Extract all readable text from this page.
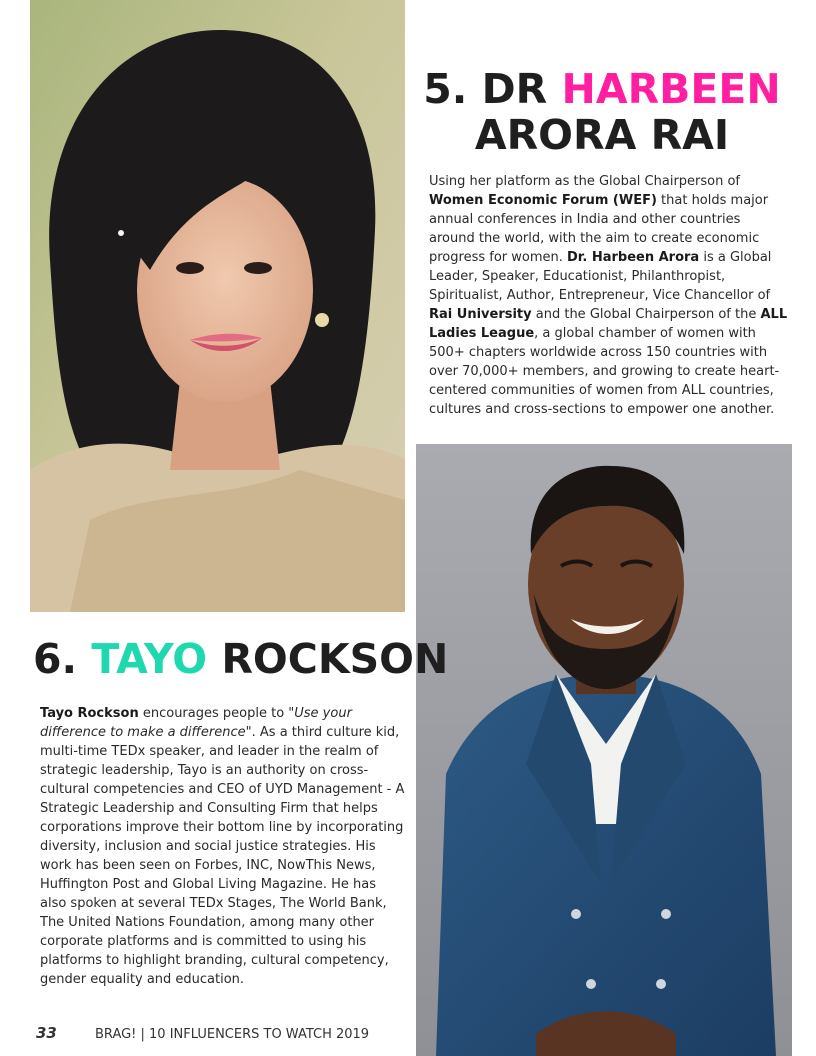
5. DR HARBEEN
ARORA RAI
Using her platform as the Global Chairperson of Women Economic Forum (WEF) that holds major annual conferences in India and other countries around the world, with the aim to create economic progress for women. Dr. Harbeen Arora is a Global Leader, Speaker, Educationist, Philanthropist, Spiritualist, Author, Entrepreneur, Vice Chancellor of Rai University and the Global Chairperson of the ALL Ladies League, a global chamber of women with 500+ chapters worldwide across 150 countries with over 70,000+ members, and growing to create heart-centered communities of women from ALL countries, cultures and cross-sections to empower one another.
6. TAYO ROCKSON
Tayo Rockson encourages people to "Use your difference to make a difference". As a third culture kid, multi-time TEDx speaker, and leader in the realm of strategic leadership, Tayo is an authority on cross-cultural competencies and CEO of UYD Management - A Strategic Leadership and Consulting Firm that helps corporations improve their bottom line by incorporating diversity, inclusion and social justice strategies. His work has been seen on Forbes, INC, NowThis News, Huffington Post and Global Living Magazine. He has also spoken at several TEDx Stages, The World Bank, The United Nations Foundation, among many other corporate platforms and is committed to using his platforms to highlight branding, cultural competency, gender equality and education.
33	BRAG! | 10 INFLUENCERS TO WATCH 2019
